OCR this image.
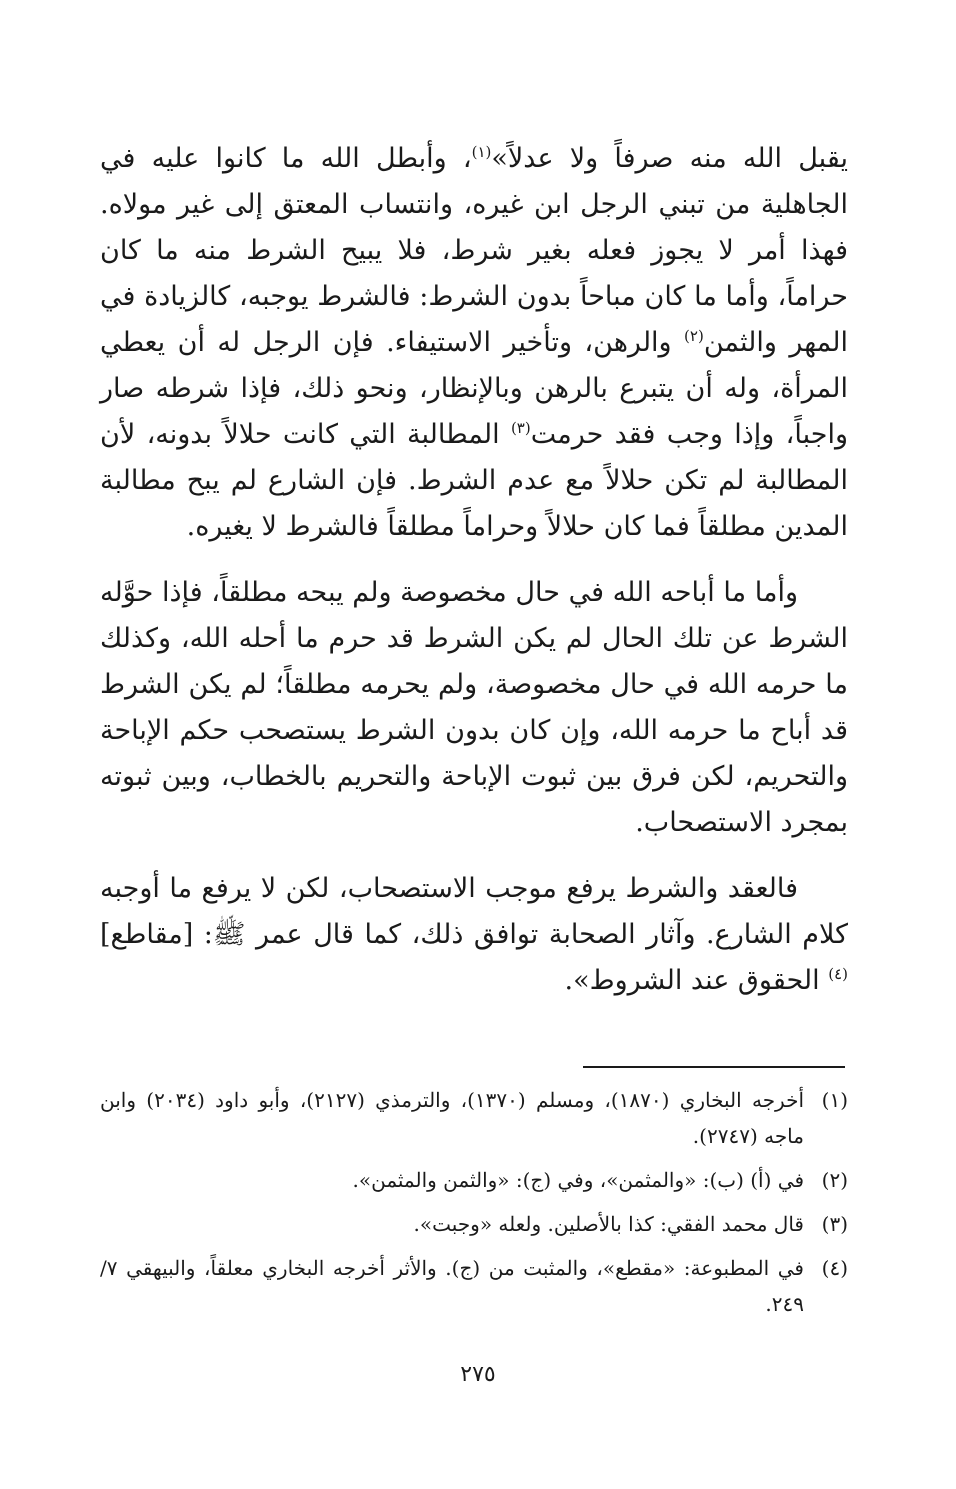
يقبل الله منه صرفاً ولا عدلاً»$^{(١)}$، وأبطل الله ما كانوا عليه في الجاهلية من تبني الرجل ابن غيره، وانتساب المعتق إلى غير مولاه. فهذا أمر لا يجوز فعله بغير شرط، فلا يبيح الشرط منه ما كان حراماً، وأما ما كان مباحاً بدون الشرط: فالشرط يوجبه، كالزيادة في المهر والثمن$^{(٢)}$ والرهن، وتأخير الاستيفاء. فإن الرجل له أن يعطي المرأة، وله أن يتبرع بالرهن وبالإنظار، ونحو ذلك، فإذا شرطه صار واجباً، وإذا وجب فقد حرمت$^{(٣)}$ المطالبة التي كانت حلالاً بدونه، لأن المطالبة لم تكن حلالاً مع عدم الشرط. فإن الشارع لم يبح مطالبة المدين مطلقاً فما كان حلالاً وحراماً مطلقاً فالشرط لا يغيره.

وأما ما أباحه الله في حال مخصوصة ولم يبحه مطلقاً، فإذا حوَّله الشرط عن تلك الحال لم يكن الشرط قد حرم ما أحله الله، وكذلك ما حرمه الله في حال مخصوصة، ولم يحرمه مطلقاً؛ لم يكن الشرط قد أباح ما حرمه الله، وإن كان بدون الشرط يستصحب حكم الإباحة والتحريم، لكن فرق بين ثبوت الإباحة والتحريم بالخطاب، وبين ثبوته بمجرد الاستصحاب.

فالعقد والشرط يرفع موجب الاستصحاب، لكن لا يرفع ما أوجبه كلام الشارع. وآثار الصحابة توافق ذلك، كما قال عمر ﷺ: [مقاطع]$^{(٤)}$ الحقوق عند الشروط».

(١)
أخرجه البخاري (١٨٧٠)، ومسلم (١٣٧٠)، والترمذي (٢١٢٧)، وأبو داود (٢٠٣٤) وابن ماجه (٢٧٤٧).
(٢)
في (أ) (ب): «والمثمن»، وفي (ج): «والثمن والمثمن».
(٣)
قال محمد الفقي: كذا بالأصلين. ولعله «وجبت».
(٤)
في المطبوعة: «مقطع»، والمثبت من (ج). والأثر أخرجه البخاري معلقاً، والبيهقي ٧/ ٢٤٩.
٢٧٥
